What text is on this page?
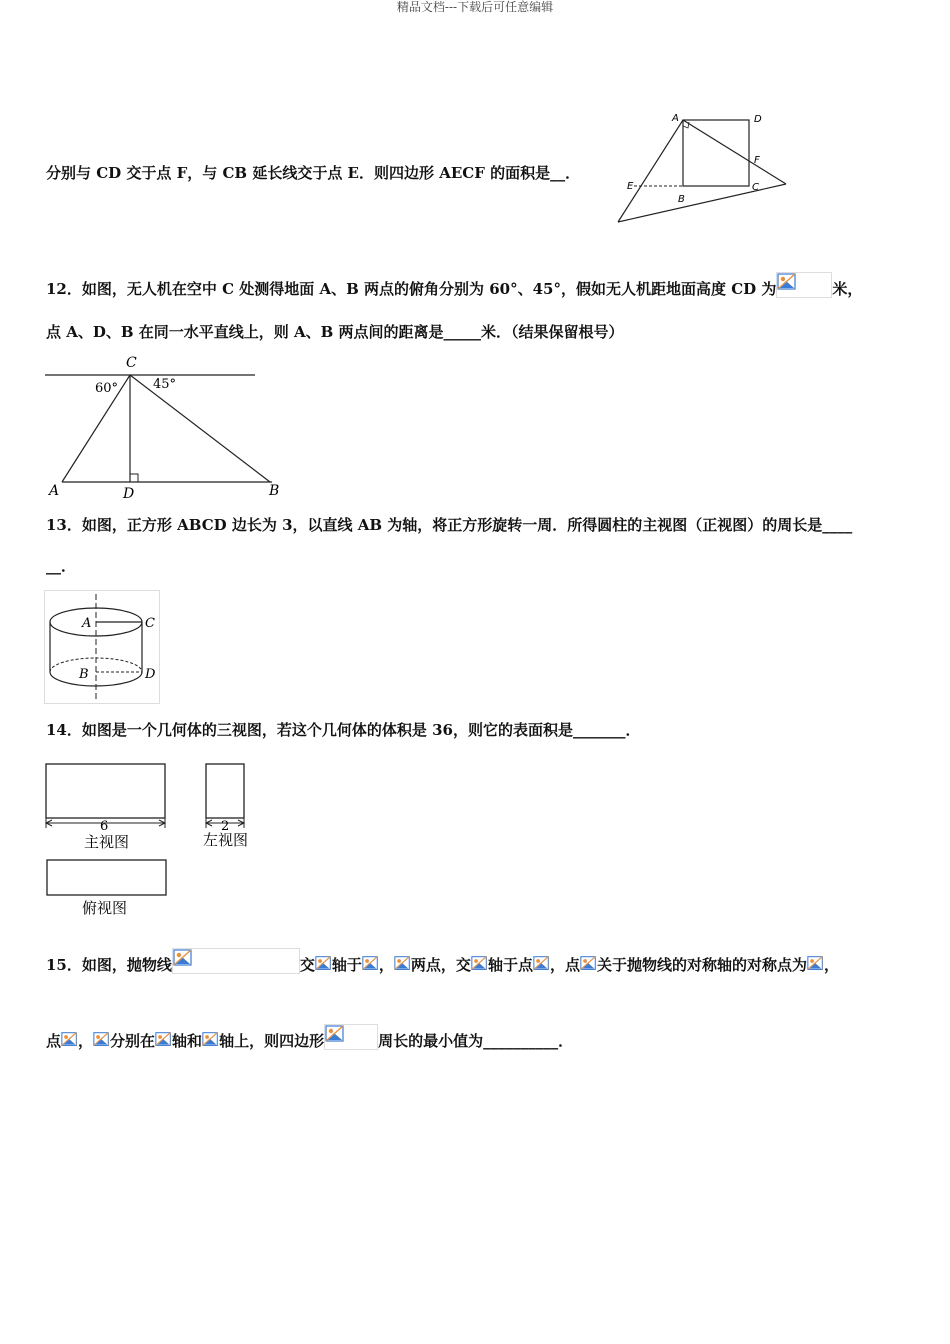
精品文档---下载后可任意编辑
分别与 CD 交于点 F，与 CB 延长线交于点 E．则四边形 AECF 的面积是__．
A	D
F
E
B
C
12．如图，无人机在空中 C 处测得地面 A、B 两点的俯角分别为 60°、45°，假如无人机距地面高度 CD 为	米，
点 A、D、B 在同一水平直线上，则 A、B 两点间的距离是_____米．（结果保留根号）
C
60°	45°
A	D	B
13．如图，正方形 ABCD 边长为 3，以直线 AB 为轴，将正方形旋转一周．所得圆柱的主视图（正视图）的周长是____
__．
A	C
B	D
14．如图是一个几何体的三视图，若这个几何体的体积是 36，则它的表面积是_______．
6
主视图
2
左视图
俯视图
15．如图，抛物线	交 轴于 ， 两点，交 轴于点 ，点 关于抛物线的对称轴的对称点为 ，
点 ， 分别在 轴和 轴上，则四边形	周长的最小值为__________．
